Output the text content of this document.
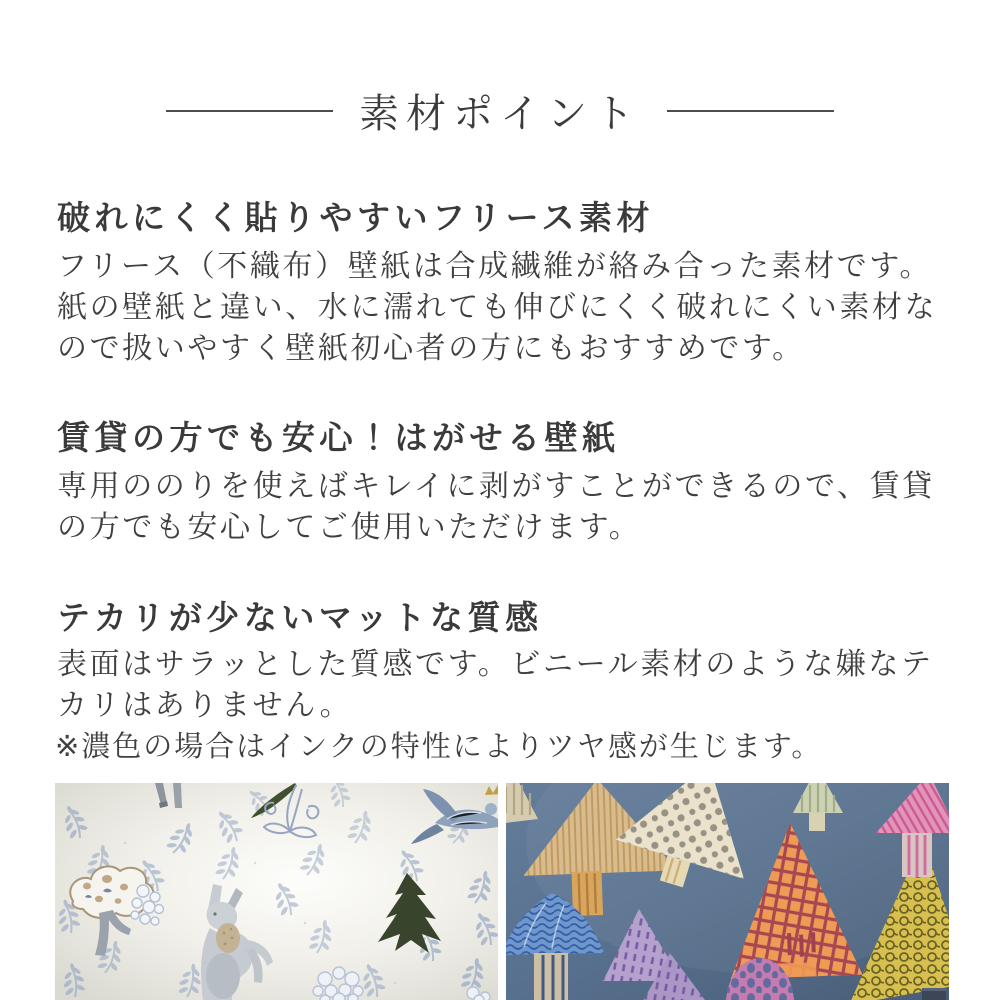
素材ポイント
破れにくく貼りやすいフリース素材
フリース（不織布）壁紙は合成繊維が絡み合った素材です。
紙の壁紙と違い、水に濡れても伸びにくく破れにくい素材な
ので扱いやすく壁紙初心者の方にもおすすめです。
賃貸の方でも安心！はがせる壁紙
専用ののりを使えばキレイに剥がすことができるので、賃貸
の方でも安心してご使用いただけます。
テカリが少ないマットな質感
表面はサラッとした質感です。ビニール素材のような嫌なテ
カリはありません。

※濃色の場合はインクの特性によりツヤ感が生じます。
